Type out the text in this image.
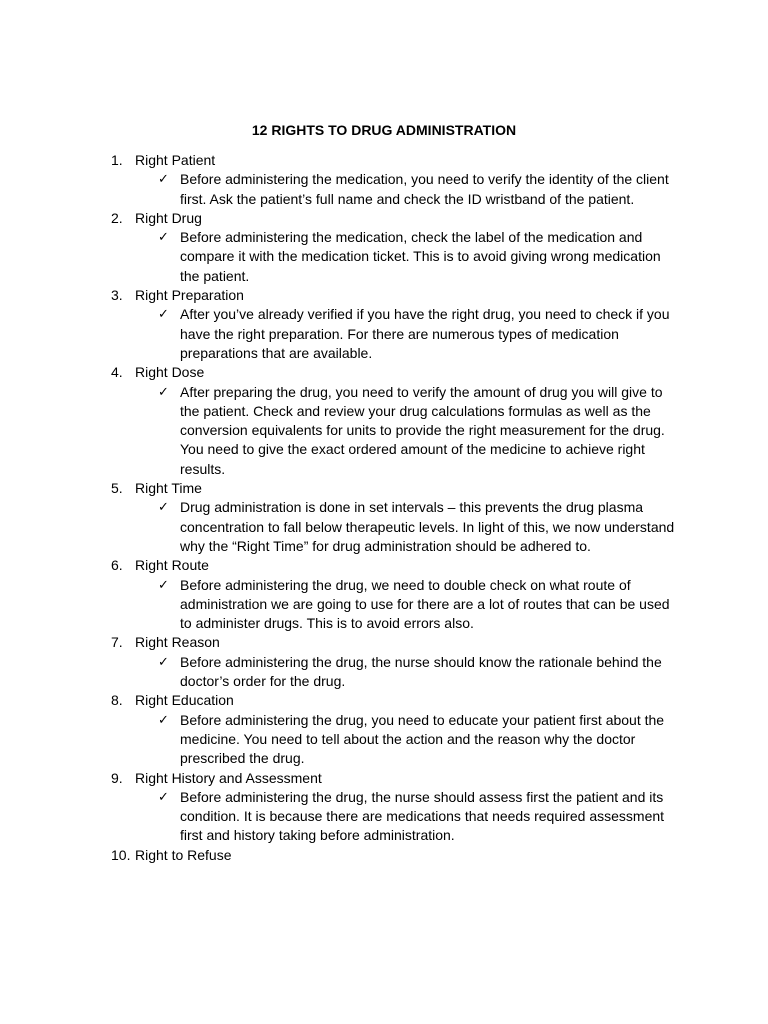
12 RIGHTS TO DRUG ADMINISTRATION
1. Right Patient
✓ Before administering the medication, you need to verify the identity of the client first. Ask the patient’s full name and check the ID wristband of the patient.
2. Right Drug
✓ Before administering the medication, check the label of the medication and compare it with the medication ticket. This is to avoid giving wrong medication the patient.
3. Right Preparation
✓ After you’ve already verified if you have the right drug, you need to check if you have the right preparation. For there are numerous types of medication preparations that are available.
4. Right Dose
✓ After preparing the drug, you need to verify the amount of drug you will give to the patient. Check and review your drug calculations formulas as well as the conversion equivalents for units to provide the right measurement for the drug. You need to give the exact ordered amount of the medicine to achieve right results.
5. Right Time
✓ Drug administration is done in set intervals – this prevents the drug plasma concentration to fall below therapeutic levels. In light of this, we now understand why the “Right Time” for drug administration should be adhered to.
6. Right Route
✓ Before administering the drug, we need to double check on what route of administration we are going to use for there are a lot of routes that can be used to administer drugs. This is to avoid errors also.
7. Right Reason
✓ Before administering the drug, the nurse should know the rationale behind the doctor’s order for the drug.
8. Right Education
✓ Before administering the drug, you need to educate your patient first about the medicine. You need to tell about the action and the reason why the doctor prescribed the drug.
9. Right History and Assessment
✓ Before administering the drug, the nurse should assess first the patient and its condition. It is because there are medications that needs required assessment first and history taking before administration.
10. Right to Refuse
